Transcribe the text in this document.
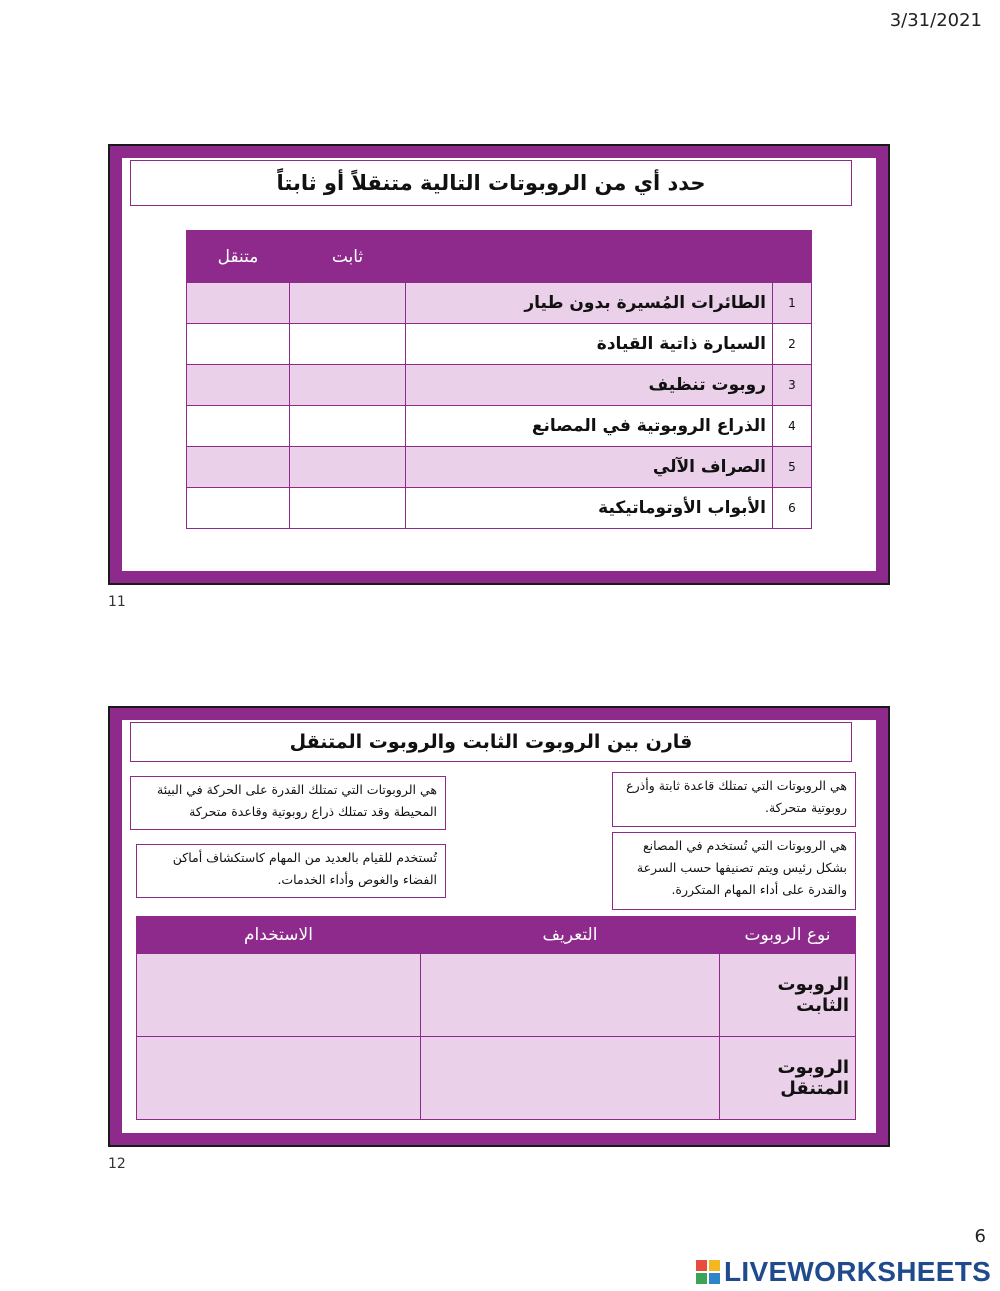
3/31/2021
حدد أي من الروبوتات التالية متنقلاً أو ثابتاً
		ثابت	متنقل
1	الطائرات المُسيرة بدون طيار		
2	السيارة ذاتية القيادة		
3	روبوت تنظيف		
4	الذراع الروبوتية في المصانع		
5	الصراف الآلي		
6	الأبواب الأوتوماتيكية		
11
قارن بين الروبوت الثابت والروبوت المتنقل
هي الروبوتات التي تمتلك قاعدة ثابتة وأذرع روبوتية متحركة.
هي الروبوتات التي تُستخدم في المصانع بشكل رئيس ويتم تصنيفها حسب السرعة والقدرة على أداء المهام المتكررة.
هي الروبوتات التي تمتلك القدرة على الحركة في البيئة المحيطة وقد تمتلك ذراع روبوتية وقاعدة متحركة
تُستخدم للقيام بالعديد من المهام كاستكشاف أماكن الفضاء والغوص وأداء الخدمات.
نوع الروبوت	التعريف	الاستخدام
الروبوت الثابت		
الروبوت المتنقل		
12
6
LIVEWORKSHEETS
